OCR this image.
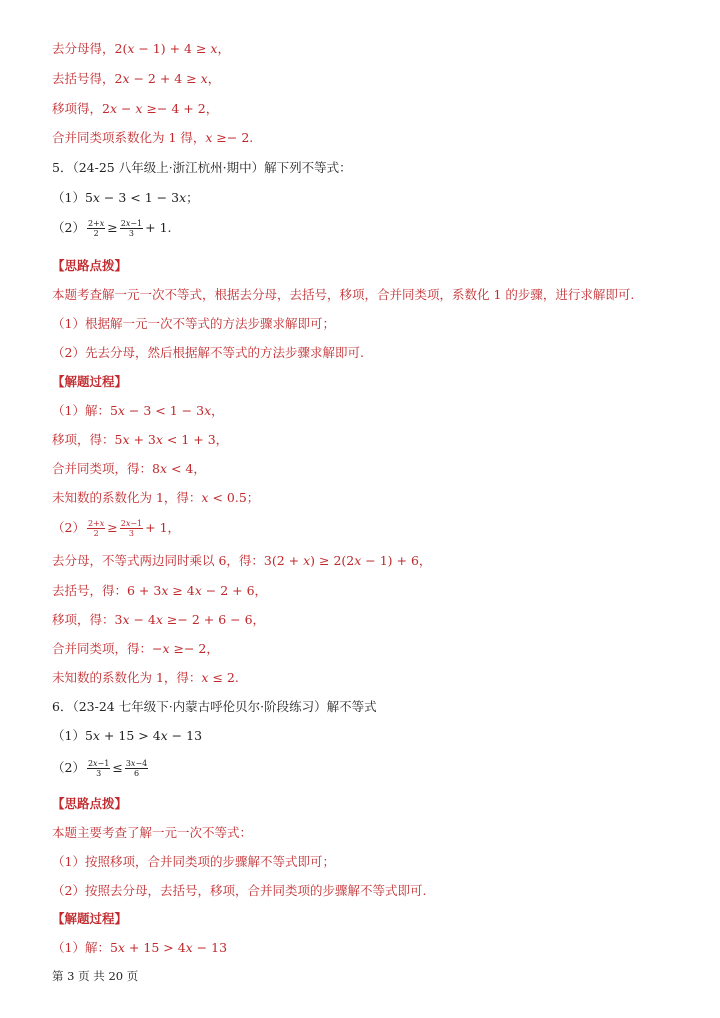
去分母得，2(𝑥 − 1) + 4 ≥ 𝑥，
去括号得，2𝑥 − 2 + 4 ≥ 𝑥，
移项得，2𝑥 − 𝑥 ≥− 4 + 2，
合并同类项系数化为 1 得，𝑥 ≥− 2.
5．（24-25 八年级上·浙江杭州·期中）解下列不等式：
（1）5𝑥 − 3 < 1 − 3𝑥；
$(2) \frac{\text{2+𝑥}}{2} \ge \frac{\text{2𝑥−1}}{3} + 1$.
【思路点拨】
本题考查解一元一次不等式，根据去分母，去括号，移项，合并同类项，系数化 1 的步骤，进行求解即可.
（1）根据解一元一次不等式的方法步骤求解即可；
（2）先去分母，然后根据解不等式的方法步骤求解即可.
【解题过程】
（1）解：5𝑥 − 3 < 1 − 3𝑥，
移项，得：5𝑥 + 3𝑥 < 1 + 3，
合并同类项，得：8𝑥 < 4，
未知数的系数化为 1，得：𝑥 < 0.5；
$(2) \frac{\text{2+𝑥}}{2} \ge \frac{\text{2𝑥−1}}{3} + 1$，
去分母，不等式两边同时乘以 6，得：3(2 + 𝑥) ≥ 2(2𝑥 − 1) + 6，
去括号，得：6 + 3𝑥 ≥ 4𝑥 − 2 + 6，
移项，得：3𝑥 − 4𝑥 ≥− 2 + 6 − 6，
合并同类项，得：−𝑥 ≥− 2，
未知数的系数化为 1，得：𝑥 ≤ 2.
6．（23-24 七年级下·内蒙古呼伦贝尔·阶段练习）解不等式
（1）5𝑥 + 15 > 4𝑥 − 13
$(2) \frac{\text{2𝑥−1}}{3} \le \frac{\text{3𝑥−4}}{6}$
【思路点拨】
本题主要考查了解一元一次不等式：
（1）按照移项，合并同类项的步骤解不等式即可；
（2）按照去分母，去括号，移项，合并同类项的步骤解不等式即可.
【解题过程】
（1）解：5𝑥 + 15 > 4𝑥 − 13
第 3 页 共 20 页
